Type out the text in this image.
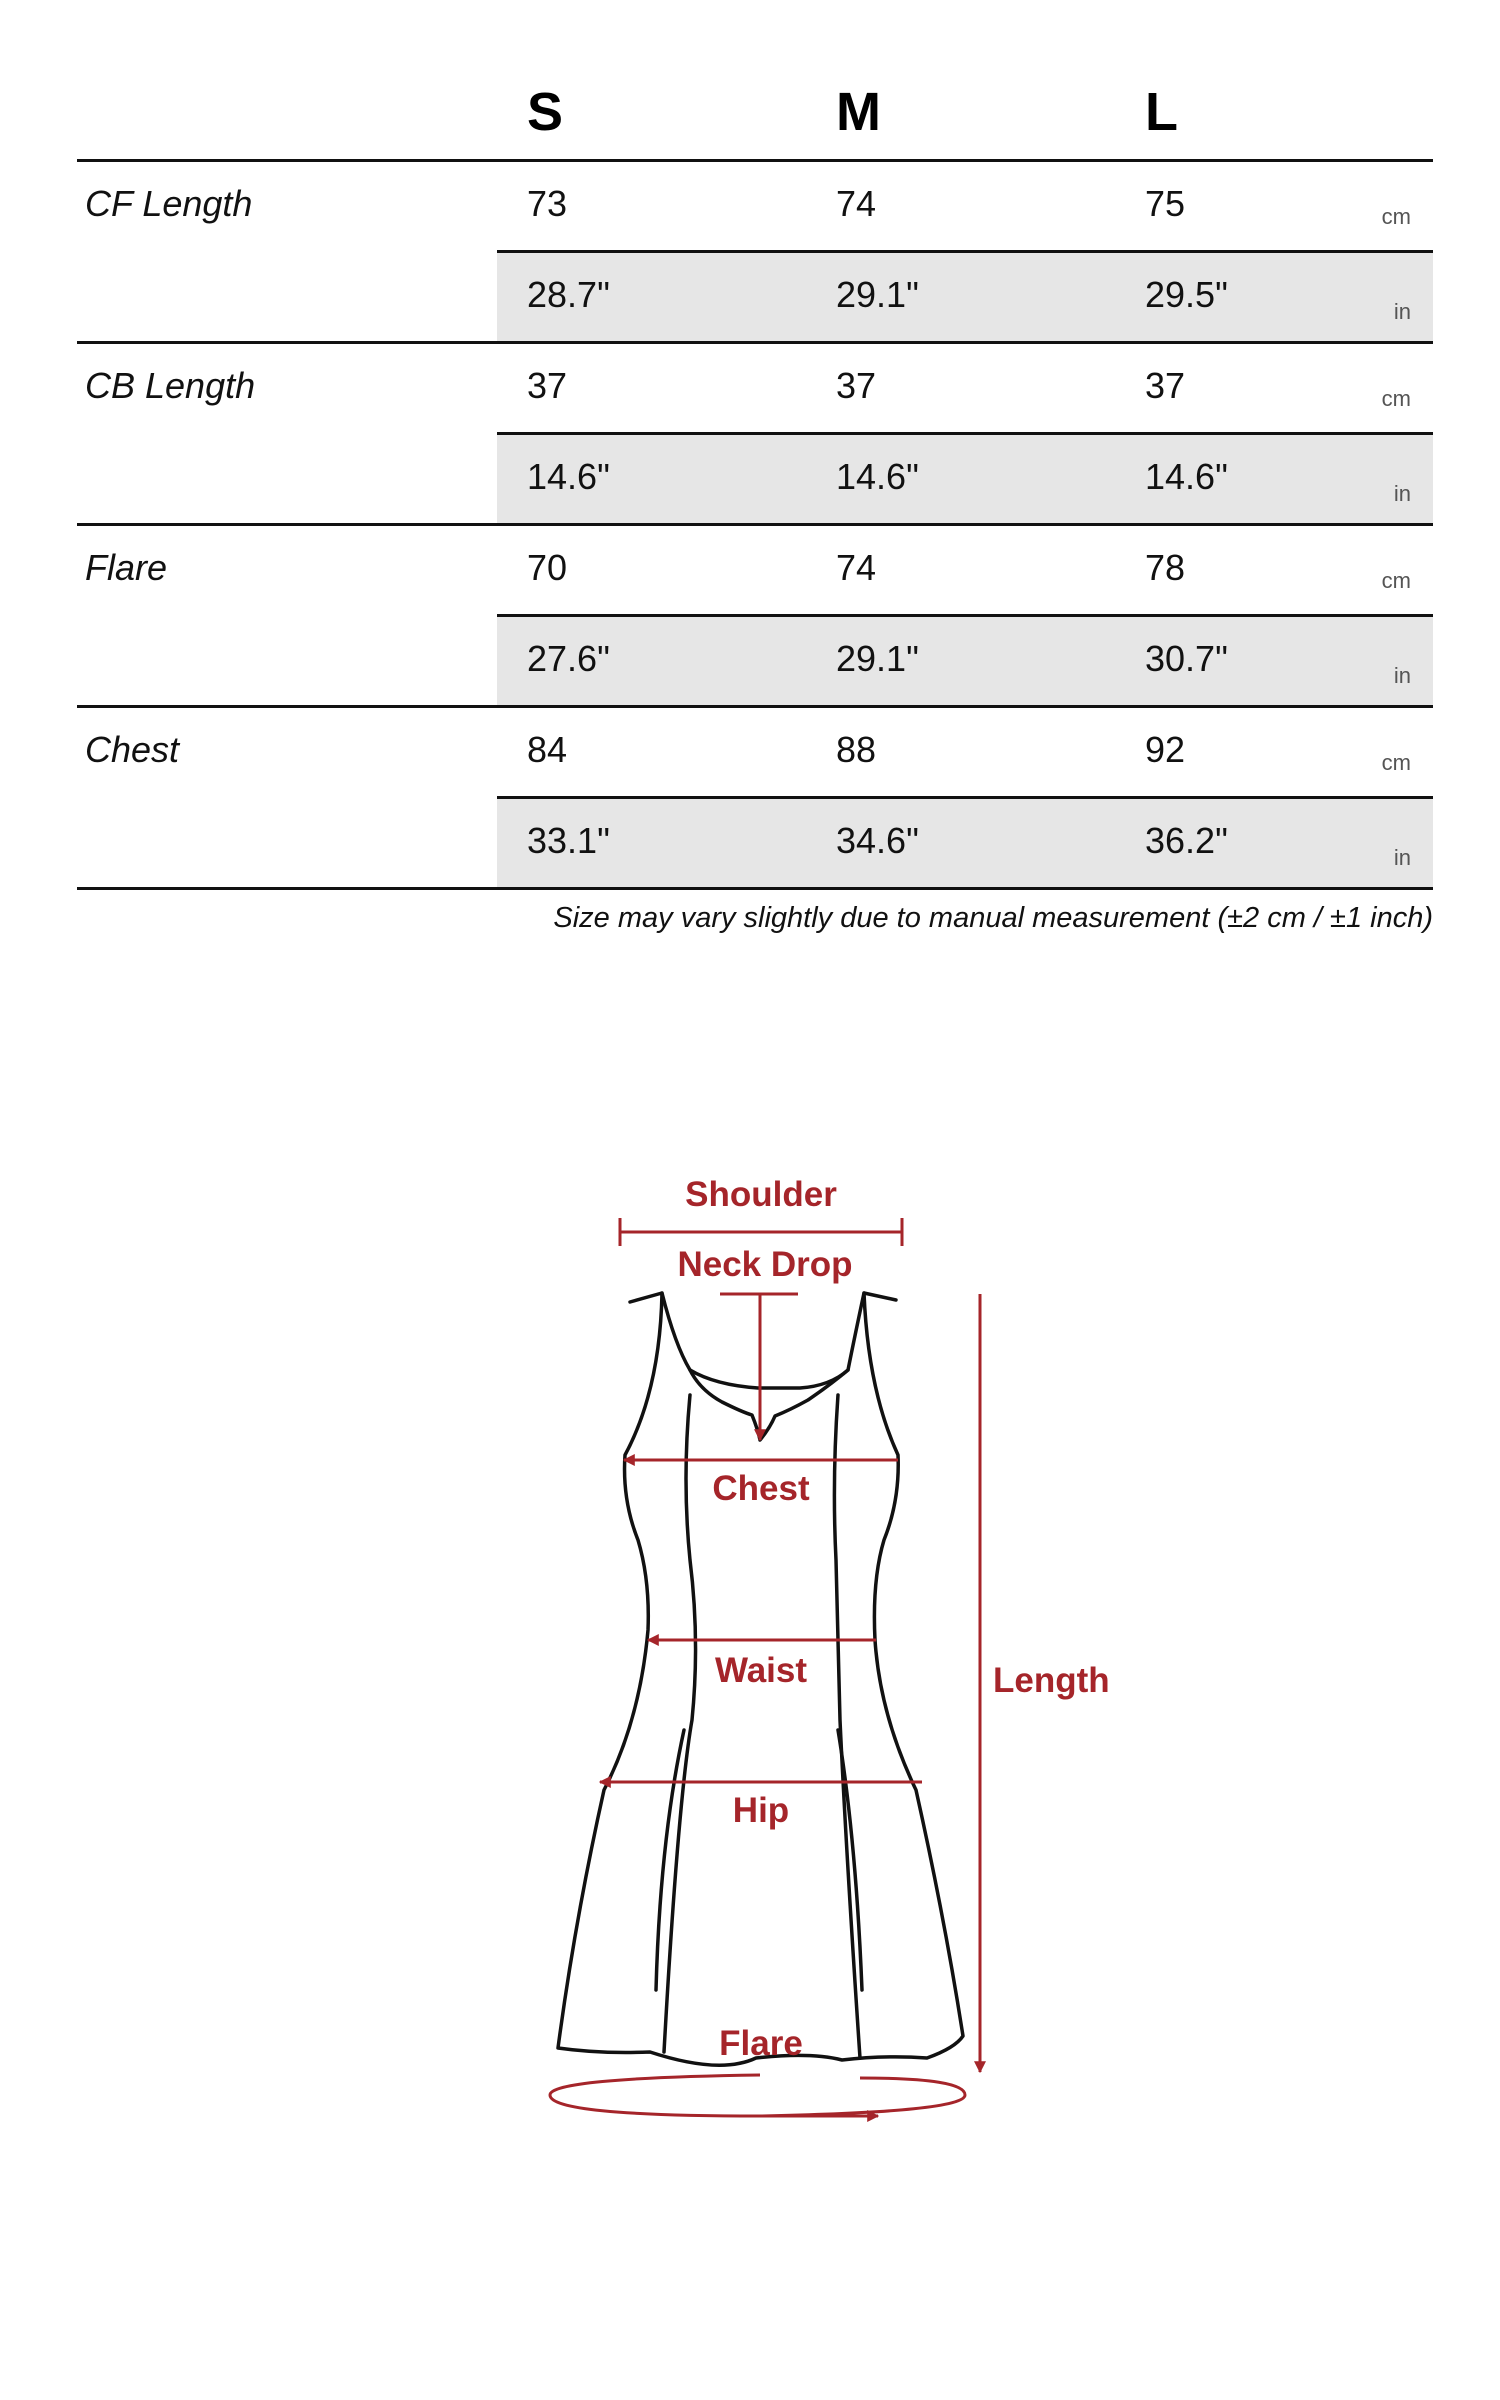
S	M	L
CF Length	73	74	75	cm
28.7"	29.1"	29.5"	in
CB Length	37	37	37	cm
14.6"	14.6"	14.6"	in
Flare	70	74	78	cm
27.6"	29.1"	30.7"	in
Chest	84	88	92	cm
33.1"	34.6"	36.2"	in
Size may vary slightly due to manual measurement (±2 cm / ±1 inch)
Shoulder
Neck Drop
Chest
Waist
Hip
Flare
Length
